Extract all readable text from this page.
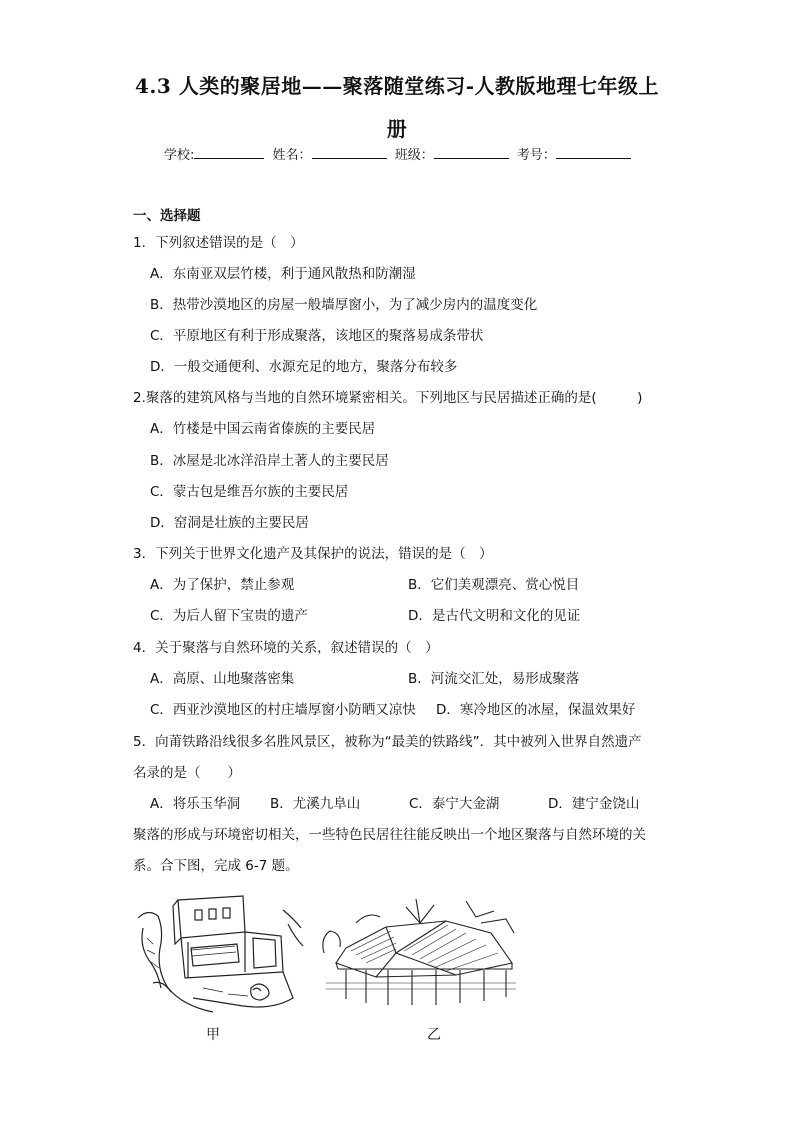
4.3 人类的聚居地——聚落随堂练习-人教版地理七年级上
册
学校:	姓名：	班级：	考号：
一、选择题
1．下列叙述错误的是（　）
A．东南亚双层竹楼，利于通风散热和防潮湿
B．热带沙漠地区的房屋一般墙厚窗小，为了减少房内的温度变化
C．平原地区有利于形成聚落，该地区的聚落易成条带状
D．一般交通便利、水源充足的地方，聚落分布较多
2.聚落的建筑风格与当地的自然环境紧密相关。下列地区与民居描述正确的是(　　　)
A．竹楼是中国云南省傣族的主要民居
B．冰屋是北冰洋沿岸土著人的主要民居
C．蒙古包是维吾尔族的主要民居
D．窑洞是壮族的主要民居
3．下列关于世界文化遗产及其保护的说法，错误的是（　）
A．为了保护，禁止参观	B．它们美观漂亮、赏心悦目
C．为后人留下宝贵的遗产	D．是古代文明和文化的见证
4．关于聚落与自然环境的关系，叙述错误的（　）
A．高原、山地聚落密集	B．河流交汇处，易形成聚落
C．西亚沙漠地区的村庄墙厚窗小防晒又凉快 D．寒冷地区的冰屋，保温效果好
5．向莆铁路沿线很多名胜风景区，被称为“最美的铁路线”．其中被列入世界自然遗产
名录的是（　　）
A．将乐玉华洞 B．尤溪九阜山	C．泰宁大金湖	D．建宁金饶山
聚落的形成与环境密切相关，一些特色民居往往能反映出一个地区聚落与自然环境的关
系。合下图，完成 6-7 题。
甲	乙
